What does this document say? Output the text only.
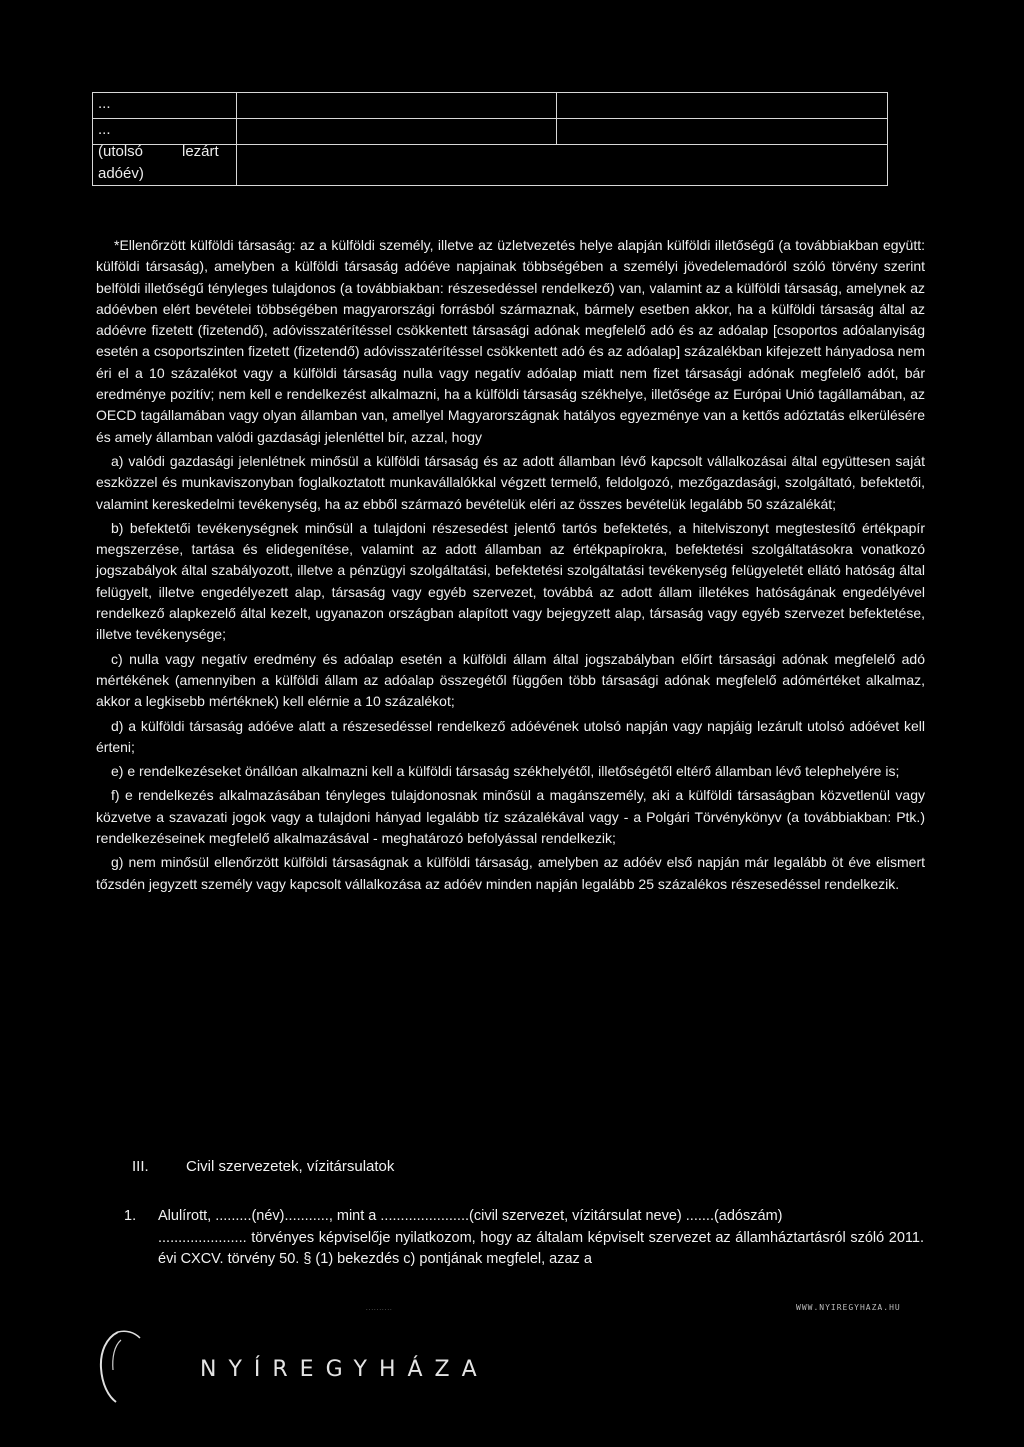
...
...
(utolsó	lezárt
adóév)

*Ellenőrzött külföldi társaság: az a külföldi személy, illetve az üzletvezetés helye alapján külföldi illetőségű (a továbbiakban együtt: külföldi társaság), amelyben a külföldi társaság adóéve napjainak többségében a személyi jövedelemadóról szóló törvény szerint belföldi illetőségű tényleges tulajdonos (a továbbiakban: részesedéssel rendelkező) van, valamint az a külföldi társaság, amelynek az adóévben elért bevételei többségében magyarországi forrásból származnak, bármely esetben akkor, ha a külföldi társaság által az adóévre fizetett (fizetendő), adóvisszatérítéssel csökkentett társasági adónak megfelelő adó és az adóalap [csoportos adóalanyiság esetén a csoportszinten fizetett (fizetendő) adóvisszatérítéssel csökkentett adó és az adóalap] százalékban kifejezett hányadosa nem éri el a 10 százalékot vagy a külföldi társaság nulla vagy negatív adóalap miatt nem fizet társasági adónak megfelelő adót, bár eredménye pozitív; nem kell e rendelkezést alkalmazni, ha a külföldi társaság székhelye, illetősége az Európai Unió tagállamában, az OECD tagállamában vagy olyan államban van, amellyel Magyarországnak hatályos egyezménye van a kettős adóztatás elkerülésére és amely államban valódi gazdasági jelenléttel bír, azzal, hogy

a) valódi gazdasági jelenlétnek minősül a külföldi társaság és az adott államban lévő kapcsolt vállalkozásai által együttesen saját eszközzel és munkaviszonyban foglalkoztatott munkavállalókkal végzett termelő, feldolgozó, mezőgazdasági, szolgáltató, befektetői, valamint kereskedelmi tevékenység, ha az ebből származó bevételük eléri az összes bevételük legalább 50 százalékát;

b) befektetői tevékenységnek minősül a tulajdoni részesedést jelentő tartós befektetés, a hitelviszonyt megtestesítő értékpapír megszerzése, tartása és elidegenítése, valamint az adott államban az értékpapírokra, befektetési szolgáltatásokra vonatkozó jogszabályok által szabályozott, illetve a pénzügyi szolgáltatási, befektetési szolgáltatási tevékenység felügyeletét ellátó hatóság által felügyelt, illetve engedélyezett alap, társaság vagy egyéb szervezet, továbbá az adott állam illetékes hatóságának engedélyével rendelkező alapkezelő által kezelt, ugyanazon országban alapított vagy bejegyzett alap, társaság vagy egyéb szervezet befektetése, illetve tevékenysége;

c) nulla vagy negatív eredmény és adóalap esetén a külföldi állam által jogszabályban előírt társasági adónak megfelelő adó mértékének (amennyiben a külföldi állam az adóalap összegétől függően több társasági adónak megfelelő adómértéket alkalmaz, akkor a legkisebb mértéknek) kell elérnie a 10 százalékot;

d) a külföldi társaság adóéve alatt a részesedéssel rendelkező adóévének utolsó napján vagy napjáig lezárult utolsó adóévet kell érteni;

e) e rendelkezéseket önállóan alkalmazni kell a külföldi társaság székhelyétől, illetőségétől eltérő államban lévő telephelyére is;

f) e rendelkezés alkalmazásában tényleges tulajdonosnak minősül a magánszemély, aki a külföldi társaságban közvetlenül vagy közvetve a szavazati jogok vagy a tulajdoni hányad legalább tíz százalékával vagy - a Polgári Törvénykönyv (a továbbiakban: Ptk.) rendelkezéseinek megfelelő alkalmazásával - meghatározó befolyással rendelkezik;

g) nem minősül ellenőrzött külföldi társaságnak a külföldi társaság, amelyben az adóév első napján már legalább öt éve elismert tőzsdén jegyzett személy vagy kapcsolt vállalkozása az adóév minden napján legalább 25 százalékos részesedéssel rendelkezik.

III. Civil szervezetek, vízitársulatok

1. Alulírott, .........(név)..........., mint a ......................(civil szervezet, vízitársulat neve) .......(adószám)

...................... törvényes képviselője nyilatkozom, hogy az általam képviselt szervezet az államháztartásról szóló 2011. évi CXCV. törvény 50. § (1) bekezdés c) pontjának megfelel, azaz a

..........	WWW.NYIREGYHAZA.HU
NYÍREGYHÁZA
